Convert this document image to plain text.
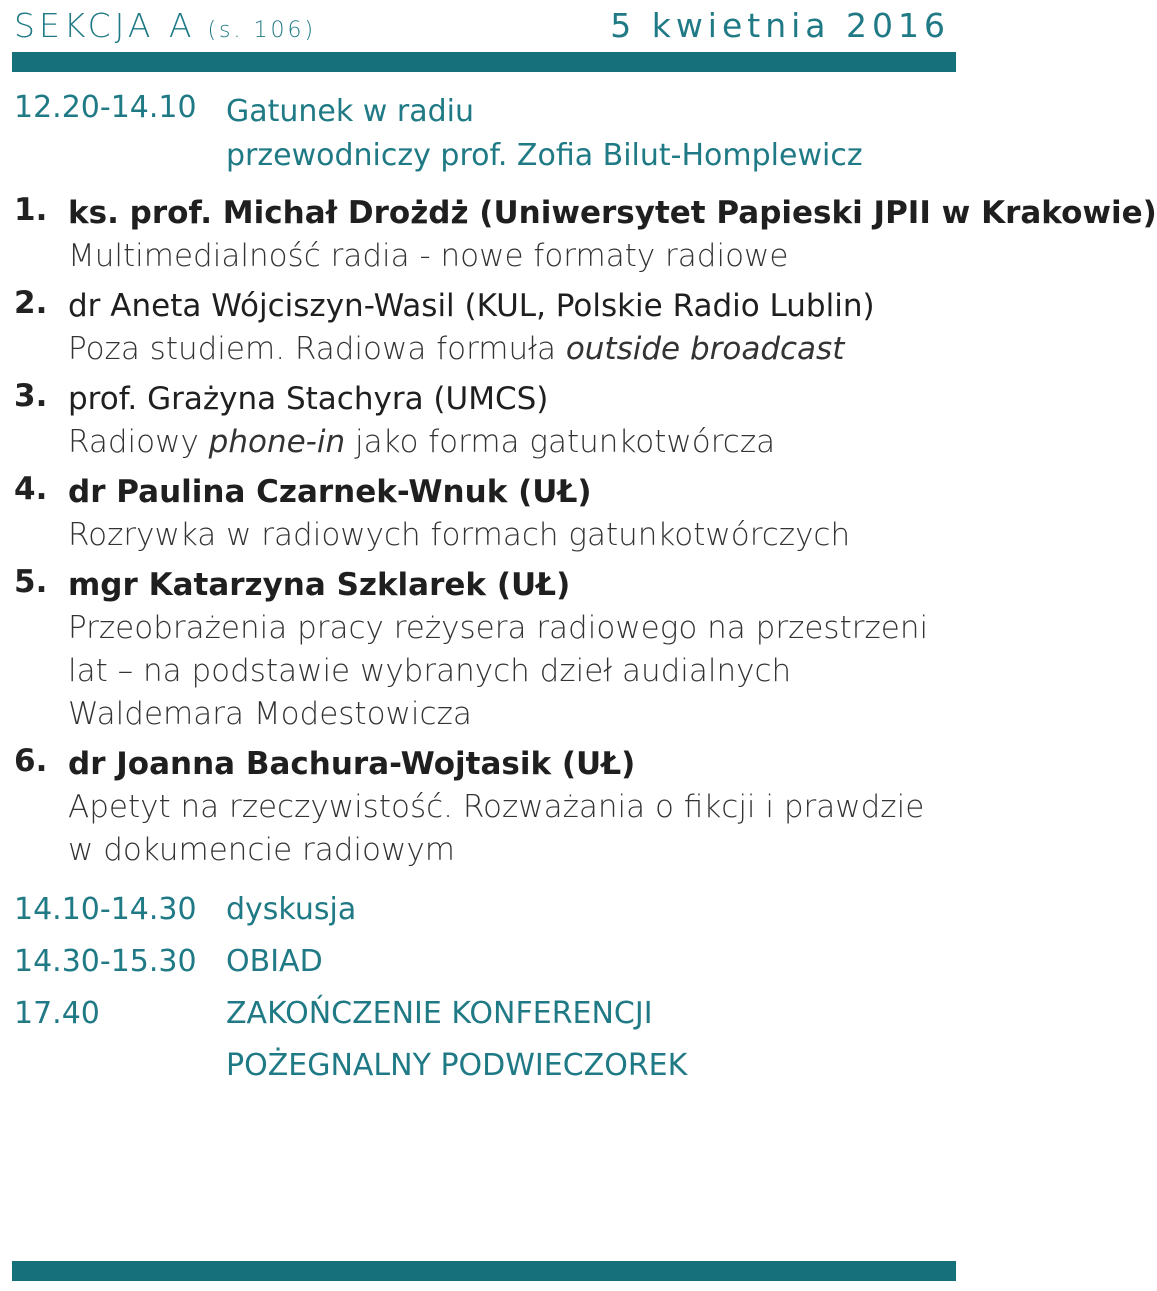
SEKCJA A (s. 106)	5 kwietnia 2016
12.20-14.10 Gatunek w radiu
przewodniczy prof. Zofia Bilut-Homplewicz
1. ks. prof. Michał Drożdż (Uniwersytet Papieski JPII w Krakowie)
Multimedialność radia - nowe formaty radiowe
2. dr Aneta Wójciszyn-Wasil (KUL, Polskie Radio Lublin)
Poza studiem. Radiowa formuła outside broadcast
3. prof. Grażyna Stachyra (UMCS)
Radiowy phone-in jako forma gatunkotwórcza
4. dr Paulina Czarnek-Wnuk (UŁ)
Rozrywka w radiowych formach gatunkotwórczych
5. mgr Katarzyna Szklarek (UŁ)
Przeobrażenia pracy reżysera radiowego na przestrzeni lat – na podstawie wybranych dzieł audialnych Waldemara Modestowicza
6. dr Joanna Bachura-Wojtasik (UŁ)
Apetyt na rzeczywistość. Rozważania o fikcji i prawdzie w dokumencie radiowym
14.10-14.30 dyskusja
14.30-15.30 OBIAD
17.40	ZAKOŃCZENIE KONFERENCJI
POŻEGNALNY PODWIECZOREK
